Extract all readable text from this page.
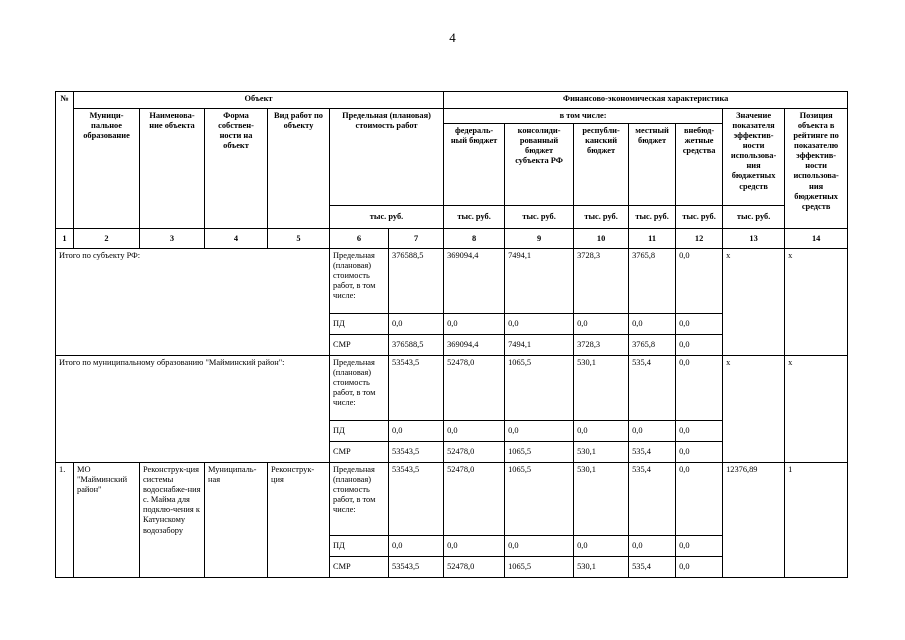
4
№	Объект						Финансово-экономическая характеристика						
	Муници-пальное образование	Наименова-ние объекта	Форма собствен-ности на объект	Вид работ по объекту	Предельная (плановая) стоимость работ		в том числе:					Значение показателя эффектив-ности использова-ния бюджетных средств	Позиция объекта в рейтинге по показателю эффектив-ности использова-ния бюджетных средств
							федераль-ный бюджет	консолиди-рованный бюджет субъекта РФ	республи-канский бюджет	местный бюджет	внебюд-жетные средства		
					тыс. руб.		тыс. руб.	тыс. руб.	тыс. руб.	тыс. руб.	тыс. руб.	тыс. руб.	
1	2	3	4	5	6	7	8	9	10	11	12	13	14
Итого по субъекту РФ:					Предельная (плановая) стоимость работ, в том числе:	376588,5	369094,4	7494,1	3728,3	3765,8	0,0	x	x
					ПД	0,0	0,0	0,0	0,0	0,0	0,0		
					СМР	376588,5	369094,4	7494,1	3728,3	3765,8	0,0		
Итого по муниципальному образованию "Майминский район":					Предельная (плановая) стоимость работ, в том числе:	53543,5	52478,0	1065,5	530,1	535,4	0,0	x	x
					ПД	0,0	0,0	0,0	0,0	0,0	0,0		
					СМР	53543,5	52478,0	1065,5	530,1	535,4	0,0		
1.	МО "Майминский район"	Реконструк-ция системы водоснабже-ния с. Майма для подклю-чения к Катунскому водозабору	Муниципаль-ная	Реконструк-ция	Предельная (плановая) стоимость работ, в том числе:	53543,5	52478,0	1065,5	530,1	535,4	0,0	12376,89	1
					ПД	0,0	0,0	0,0	0,0	0,0	0,0		
					СМР	53543,5	52478,0	1065,5	530,1	535,4	0,0		
